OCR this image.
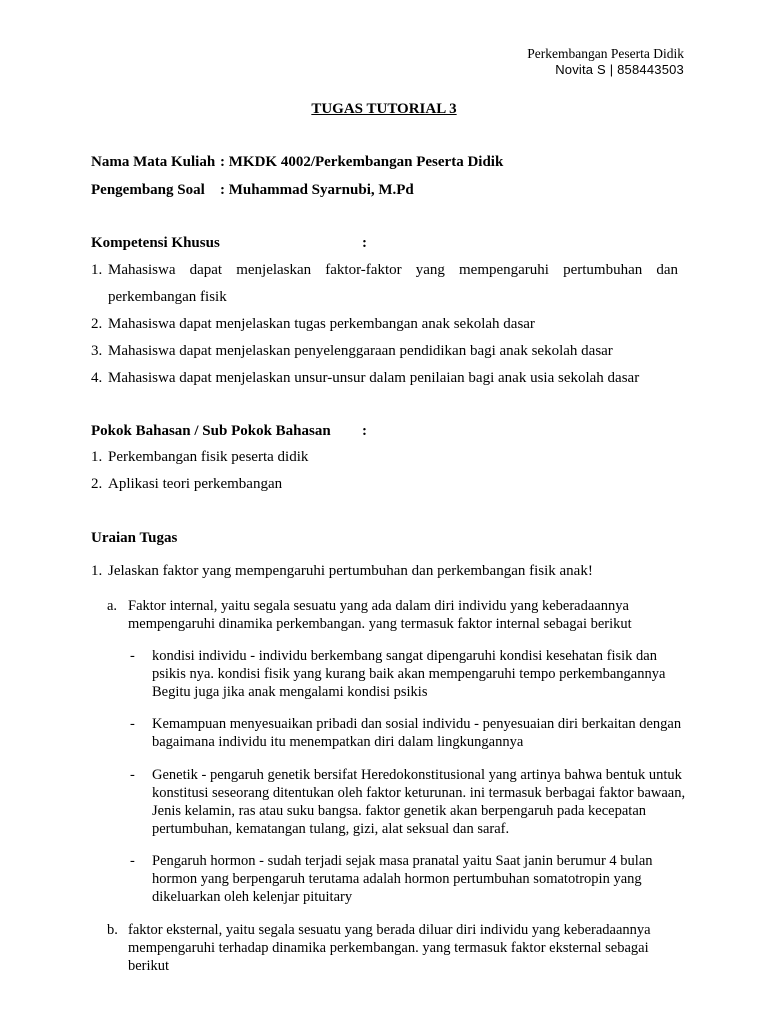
Perkembangan Peserta Didik
Novita S | 858443503
TUGAS TUTORIAL 3
Nama Mata Kuliah : MKDK 4002/Perkembangan Peserta Didik
Pengembang Soal : Muhammad Syarnubi, M.Pd
Kompetensi Khusus	:
1. Mahasiswa dapat menjelaskan faktor-faktor yang mempengaruhi pertumbuhan dan
perkembangan fisik
2. Mahasiswa dapat menjelaskan tugas perkembangan anak sekolah dasar
3. Mahasiswa dapat menjelaskan penyelenggaraan pendidikan bagi anak sekolah dasar
4. Mahasiswa dapat menjelaskan unsur-unsur dalam penilaian bagi anak usia sekolah dasar
Pokok Bahasan / Sub Pokok Bahasan :
1. Perkembangan fisik peserta didik
2. Aplikasi teori perkembangan
Uraian Tugas
1. Jelaskan faktor yang mempengaruhi pertumbuhan dan perkembangan fisik anak!
a. Faktor internal, yaitu segala sesuatu yang ada dalam diri individu yang keberadaannya mempengaruhi dinamika perkembangan. yang termasuk faktor internal sebagai berikut
- kondisi individu - individu berkembang sangat dipengaruhi kondisi kesehatan fisik dan psikis nya. kondisi fisik yang kurang baik akan mempengaruhi tempo perkembangannya Begitu juga jika anak mengalami kondisi psikis
- Kemampuan menyesuaikan pribadi dan sosial individu - penyesuaian diri berkaitan dengan bagaimana individu itu menempatkan diri dalam lingkungannya
- Genetik - pengaruh genetik bersifat Heredokonstitusional yang artinya bahwa bentuk untuk konstitusi seseorang ditentukan oleh faktor keturunan. ini termasuk berbagai faktor bawaan, Jenis kelamin, ras atau suku bangsa. faktor genetik akan berpengaruh pada kecepatan pertumbuhan, kematangan tulang, gizi, alat seksual dan saraf.
- Pengaruh hormon - sudah terjadi sejak masa pranatal yaitu Saat janin berumur 4 bulan hormon yang berpengaruh terutama adalah hormon pertumbuhan somatotropin yang dikeluarkan oleh kelenjar pituitary
b. faktor eksternal, yaitu segala sesuatu yang berada diluar diri individu yang keberadaannya mempengaruhi terhadap dinamika perkembangan. yang termasuk faktor eksternal sebagai berikut
